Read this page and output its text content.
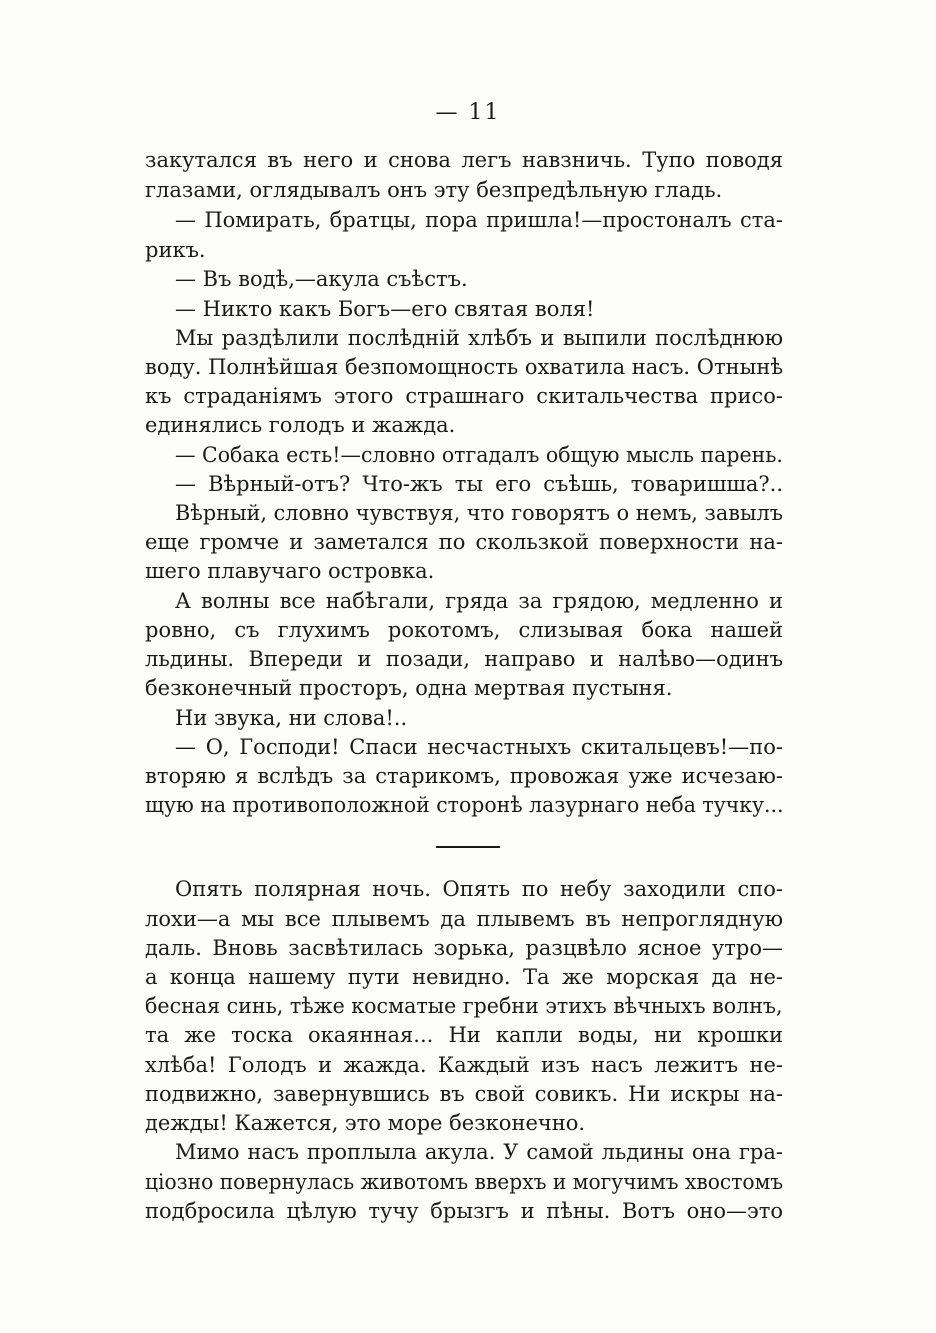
— 11
закутался въ него и снова легъ навзничь. Тупо поводя
глазами, оглядывалъ онъ эту безпредѣльную гладь.
— Помирать, братцы, пора пришла!—простоналъ ста-
рикъ.
— Въ водѣ,—акула съѣстъ.
— Никто какъ Богъ—его святая воля!
Мы раздѣлили послѣдній хлѣбъ и выпили послѣднюю
воду. Полнѣйшая безпомощность охватила насъ. Отнынѣ
къ страданіямъ этого страшнаго скитальчества присо-
единялись голодъ и жажда.
— Собака есть!—словно отгадалъ общую мысль парень.
— Вѣрный-отъ? Что-жъ ты его съѣшь, товаришша?..
Вѣрный, словно чувствуя, что говорятъ о немъ, завылъ
еще громче и заметался по скользкой поверхности на-
шего плавучаго островка.
А волны все набѣгали, гряда за грядою, медленно и
ровно, съ глухимъ рокотомъ, слизывая бока нашей
льдины. Впереди и позади, направо и налѣво—одинъ
безконечный просторъ, одна мертвая пустыня.
Ни звука, ни слова!..
— О, Господи! Спаси несчастныхъ скитальцевъ!—по-
вторяю я вслѣдъ за старикомъ, провожая уже исчезаю-
щую на противоположной сторонѣ лазурнаго неба тучку...
Опять полярная ночь. Опять по небу заходили спо-
лохи—а мы все плывемъ да плывемъ въ непроглядную
даль. Вновь засвѣтилась зорька, разцвѣло ясное утро—
а конца нашему пути невидно. Та же морская да не-
бесная синь, тѣже косматые гребни этихъ вѣчныхъ волнъ,
та же тоска окаянная... Ни капли воды, ни крошки
хлѣба! Голодъ и жажда. Каждый изъ насъ лежитъ не-
подвижно, завернувшись въ свой совикъ. Ни искры на-
дежды! Кажется, это море безконечно.
Мимо насъ проплыла акула. У самой льдины она гра-
ціозно повернулась животомъ вверхъ и могучимъ хвостомъ
подбросила цѣлую тучу брызгъ и пѣны. Вотъ оно—это
